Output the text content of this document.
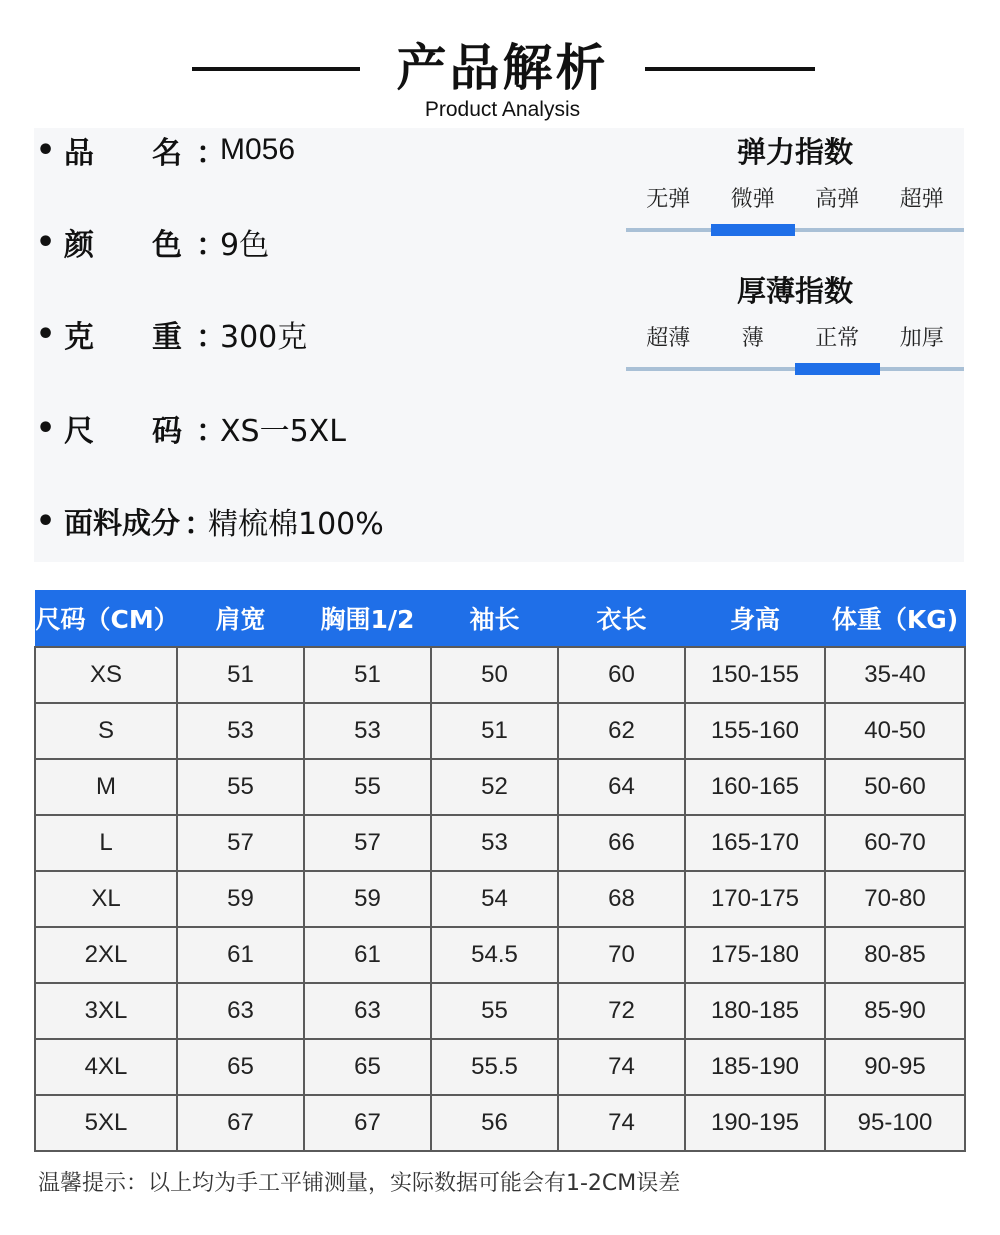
产品解析
Product Analysis
• 品	名 ：
M056
• 颜	色 ：
9色
• 克	重 ：
300克
• 尺	码 ：
XS一5XL
• 面料成分 ：
精梳棉100%
弹力指数
无弹	微弹	高弹	超弹
厚薄指数
超薄	薄	正常	加厚
尺码（CM）	肩宽	胸围1/2	袖长	衣长	身高	体重（KG)
XS	51	51	50	60	150-155	35-40
S	53	53	51	62	155-160	40-50
M	55	55	52	64	160-165	50-60
L	57	57	53	66	165-170	60-70
XL	59	59	54	68	170-175	70-80
2XL	61	61	54.5	70	175-180	80-85
3XL	63	63	55	72	180-185	85-90
4XL	65	65	55.5	74	185-190	90-95
5XL	67	67	56	74	190-195	95-100
温馨提示：以上均为手工平铺测量，实际数据可能会有1-2CM误差
